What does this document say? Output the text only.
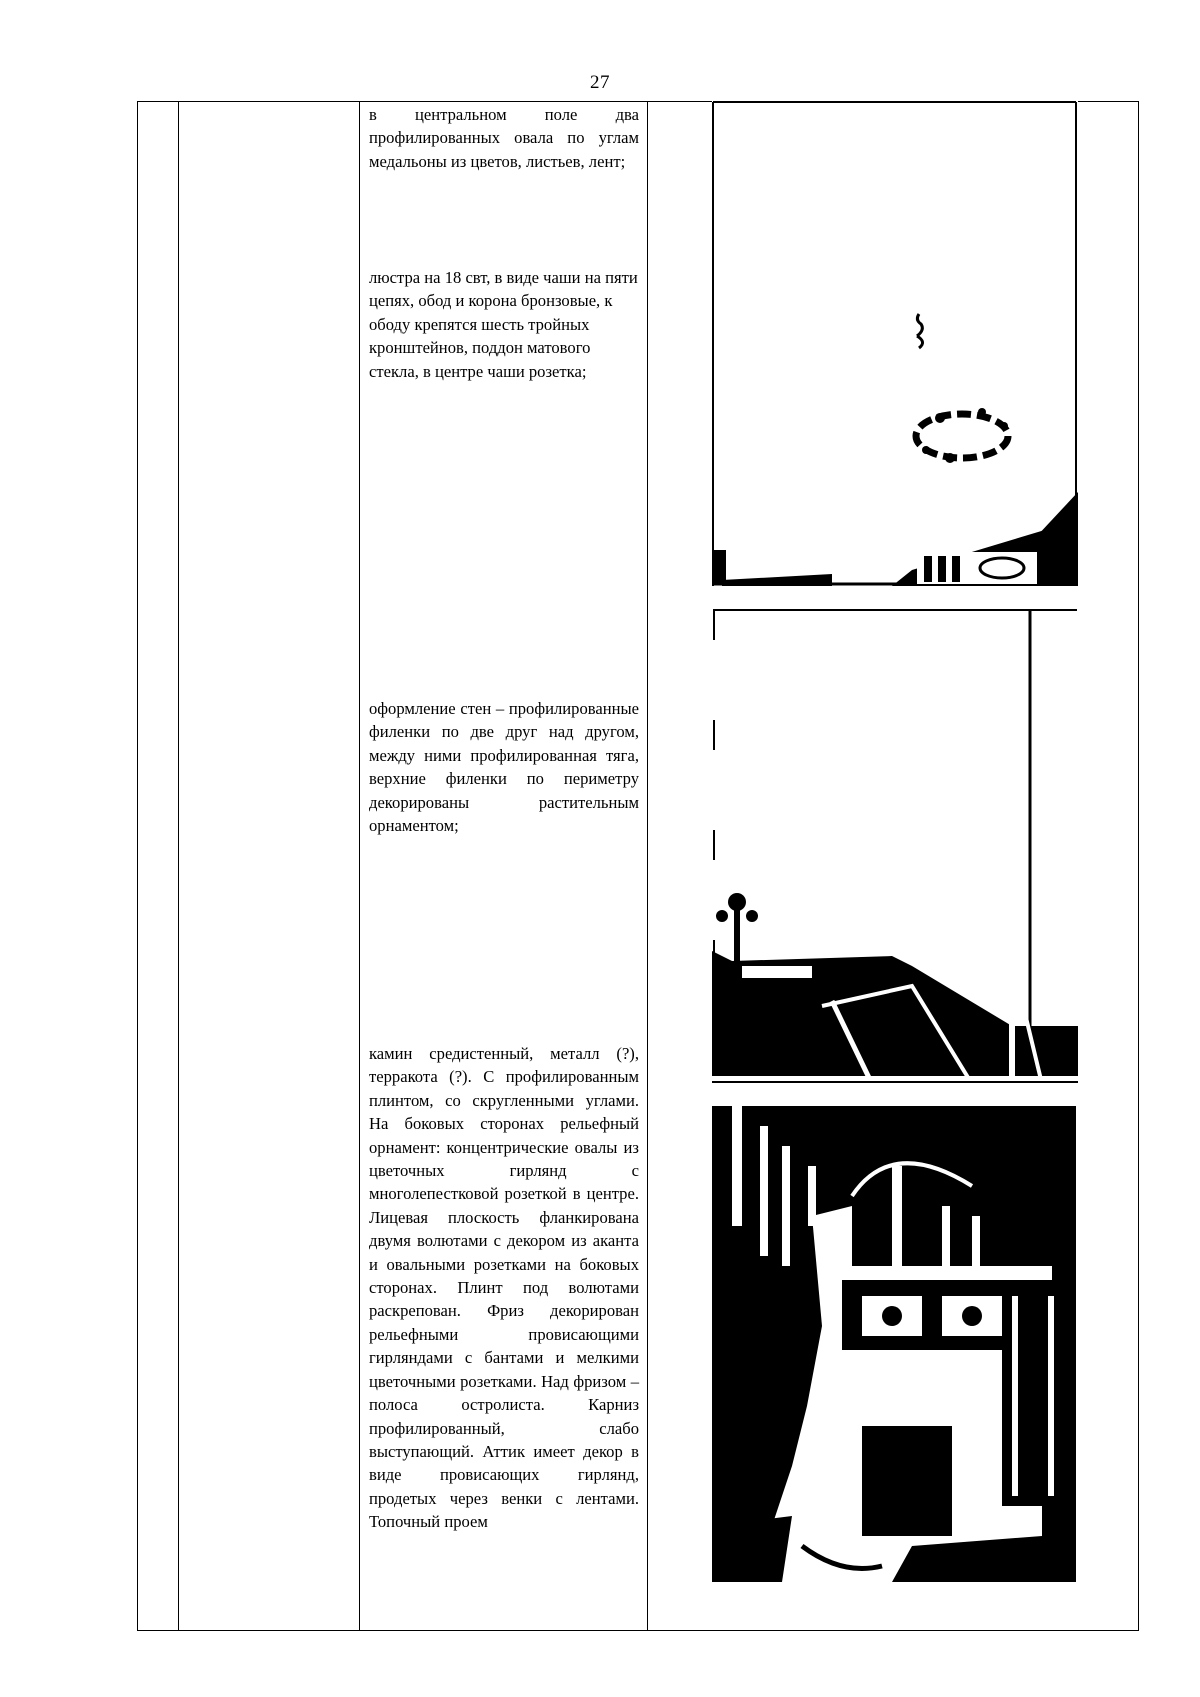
27
в центральном поле два профилированных овала по углам медальоны из цветов, листьев, лент;
люстра на 18 свт, в виде чаши на пяти цепях, обод и корона бронзовые, к ободу крепятся шесть тройных кронштейнов, поддон матового стекла, в центре чаши розетка;
оформление стен – профилированные филенки по две друг над другом, между ними профилированная тяга, верхние филенки по периметру декорированы растительным орнаментом;
камин средистенный, металл (?), терракота (?). С профилированным плинтом, со скругленными углами. На боковых сторонах рельефный орнамент: концентрические овалы из цветочных гирлянд с многолепестковой розеткой в центре. Лицевая плоскость фланкирована двумя волютами с декором из аканта и овальными розетками на боковых сторонах. Плинт под волютами раскрепован. Фриз декорирован рельефными провисающими гирляндами с бантами и мелкими цветочными розетками. Над фризом – полоса остролиста. Карниз профилированный, слабо выступающий. Аттик имеет декор в виде провисающих гирлянд, продетых через венки с лентами. Топочный проем
